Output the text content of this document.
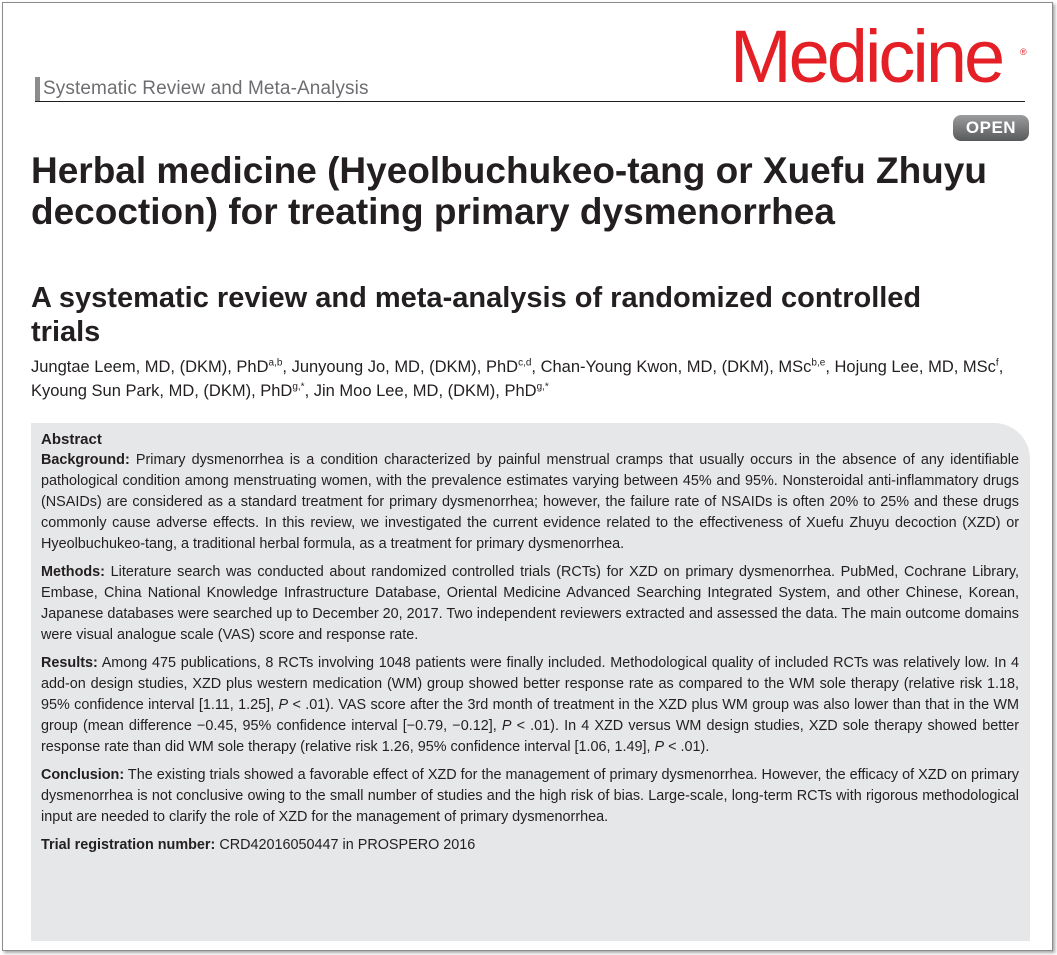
Systematic Review and Meta-Analysis	Medicine ®
OPEN
Herbal medicine (Hyeolbuchukeo-tang or Xuefu Zhuyu decoction) for treating primary dysmenorrhea
A systematic review and meta-analysis of randomized controlled trials
Jungtae Leem, MD, (DKM), PhD$^{a,b}$, Junyoung Jo, MD, (DKM), PhD$^{c,d}$, Chan-Young Kwon, MD, (DKM), MSc$^{b,e}$, Hojung Lee, MD, MSc$^f$, Kyoung Sun Park, MD, (DKM), PhD$^{g,*}$, Jin Moo Lee, MD, (DKM), PhD$^{g,*}$

Abstract

Background: Primary dysmenorrhea is a condition characterized by painful menstrual cramps that usually occurs in the absence of any identifiable pathological condition among menstruating women, with the prevalence estimates varying between 45% and 95%. Nonsteroidal anti-inflammatory drugs (NSAIDs) are considered as a standard treatment for primary dysmenorrhea; however, the failure rate of NSAIDs is often 20% to 25% and these drugs commonly cause adverse effects. In this review, we investigated the current evidence related to the effectiveness of Xuefu Zhuyu decoction (XZD) or Hyeolbuchukeo-tang, a traditional herbal formula, as a treatment for primary dysmenorrhea.

Methods: Literature search was conducted about randomized controlled trials (RCTs) for XZD on primary dysmenorrhea. PubMed, Cochrane Library, Embase, China National Knowledge Infrastructure Database, Oriental Medicine Advanced Searching Integrated System, and other Chinese, Korean, Japanese databases were searched up to December 20, 2017. Two independent reviewers extracted and assessed the data. The main outcome domains were visual analogue scale (VAS) score and response rate.

Results: Among 475 publications, 8 RCTs involving 1048 patients were finally included. Methodological quality of included RCTs was relatively low. In 4 add-on design studies, XZD plus western medication (WM) group showed better response rate as compared to the WM sole therapy (relative risk 1.18, 95% confidence interval [1.11, 1.25], P < .01). VAS score after the 3rd month of treatment in the XZD plus WM group was also lower than that in the WM group (mean difference −0.45, 95% confidence interval [−0.79, −0.12], P < .01). In 4 XZD versus WM design studies, XZD sole therapy showed better response rate than did WM sole therapy (relative risk 1.26, 95% confidence interval [1.06, 1.49], P < .01).

Conclusion: The existing trials showed a favorable effect of XZD for the management of primary dysmenorrhea. However, the efficacy of XZD on primary dysmenorrhea is not conclusive owing to the small number of studies and the high risk of bias. Large-scale, long-term RCTs with rigorous methodological input are needed to clarify the role of XZD for the management of primary dysmenorrhea.

Trial registration number: CRD42016050447 in PROSPERO 2016
